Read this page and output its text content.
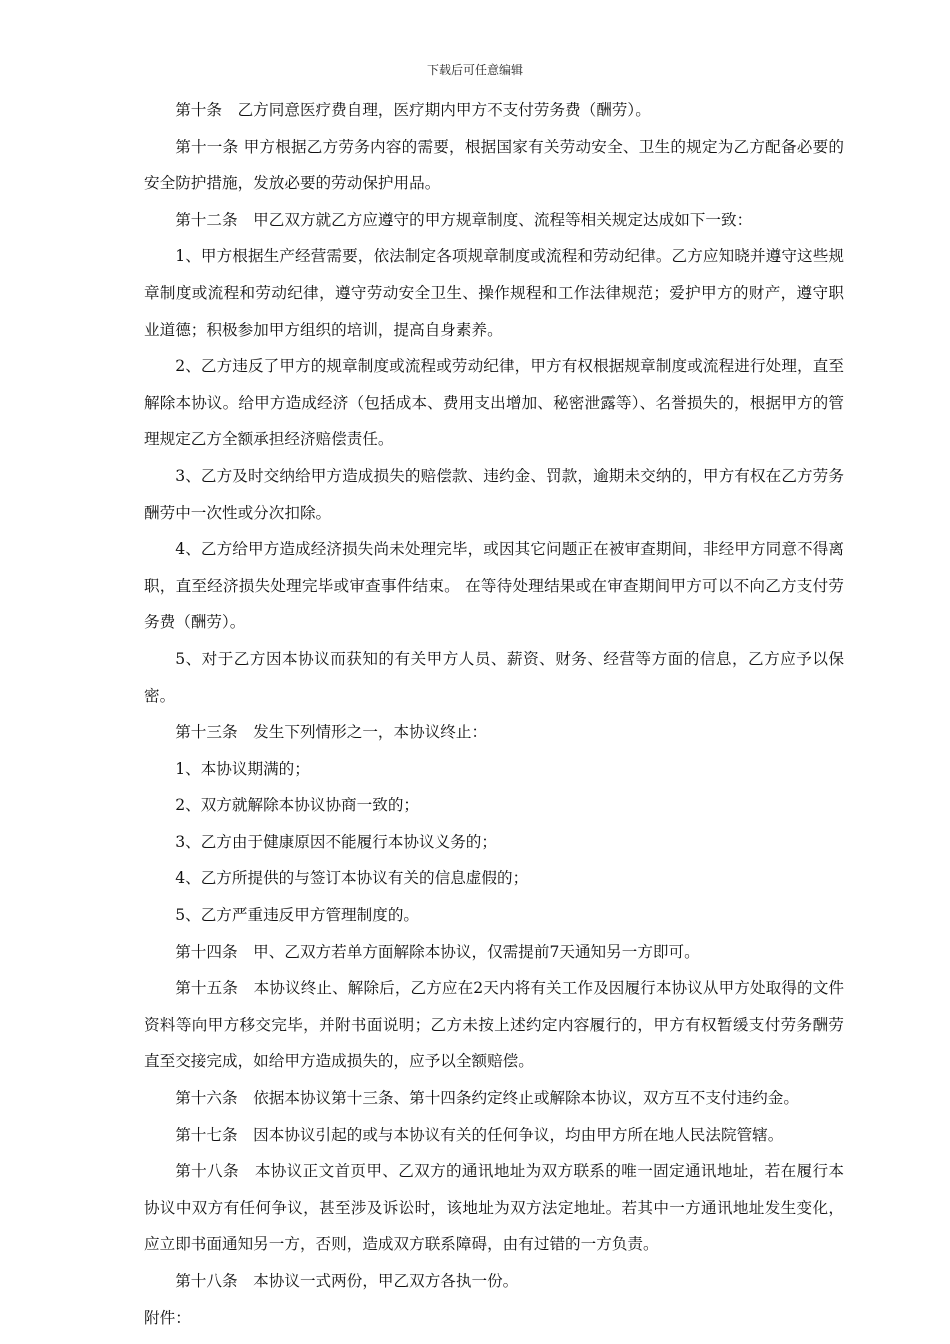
下载后可任意编辑

第十条　乙方同意医疗费自理，医疗期内甲方不支付劳务费（酬劳）。

第十一条 甲方根据乙方劳务内容的需要，根据国家有关劳动安全、卫生的规定为乙方配备必要的安全防护措施，发放必要的劳动保护用品。

第十二条　甲乙双方就乙方应遵守的甲方规章制度、流程等相关规定达成如下一致：

1、甲方根据生产经营需要，依法制定各项规章制度或流程和劳动纪律。乙方应知晓并遵守这些规章制度或流程和劳动纪律，遵守劳动安全卫生、操作规程和工作法律规范；爱护甲方的财产，遵守职业道德；积极参加甲方组织的培训，提高自身素养。

2、乙方违反了甲方的规章制度或流程或劳动纪律，甲方有权根据规章制度或流程进行处理，直至解除本协议。给甲方造成经济（包括成本、费用支出增加、秘密泄露等）、名誉损失的，根据甲方的管理规定乙方全额承担经济赔偿责任。

3、乙方及时交纳给甲方造成损失的赔偿款、违约金、罚款，逾期未交纳的，甲方有权在乙方劳务酬劳中一次性或分次扣除。

4、乙方给甲方造成经济损失尚未处理完毕，或因其它问题正在被审查期间，非经甲方同意不得离职，直至经济损失处理完毕或审查事件结束。 在等待处理结果或在审查期间甲方可以不向乙方支付劳务费（酬劳）。

5、对于乙方因本协议而获知的有关甲方人员、薪资、财务、经营等方面的信息，乙方应予以保密。

第十三条　发生下列情形之一，本协议终止：

1、本协议期满的；

2、双方就解除本协议协商一致的；

3、乙方由于健康原因不能履行本协议义务的；

4、乙方所提供的与签订本协议有关的信息虚假的；

5、乙方严重违反甲方管理制度的。

第十四条　甲、乙双方若单方面解除本协议，仅需提前7天通知另一方即可。

第十五条　本协议终止、解除后，乙方应在2天内将有关工作及因履行本协议从甲方处取得的文件资料等向甲方移交完毕，并附书面说明；乙方未按上述约定内容履行的，甲方有权暂缓支付劳务酬劳直至交接完成，如给甲方造成损失的，应予以全额赔偿。

第十六条　依据本协议第十三条、第十四条约定终止或解除本协议，双方互不支付违约金。

第十七条　因本协议引起的或与本协议有关的任何争议，均由甲方所在地人民法院管辖。

第十八条　本协议正文首页甲、乙双方的通讯地址为双方联系的唯一固定通讯地址，若在履行本协议中双方有任何争议，甚至涉及诉讼时，该地址为双方法定地址。若其中一方通讯地址发生变化，应立即书面通知另一方，否则，造成双方联系障碍，由有过错的一方负责。

第十八条　本协议一式两份，甲乙双方各执一份。

附件：
